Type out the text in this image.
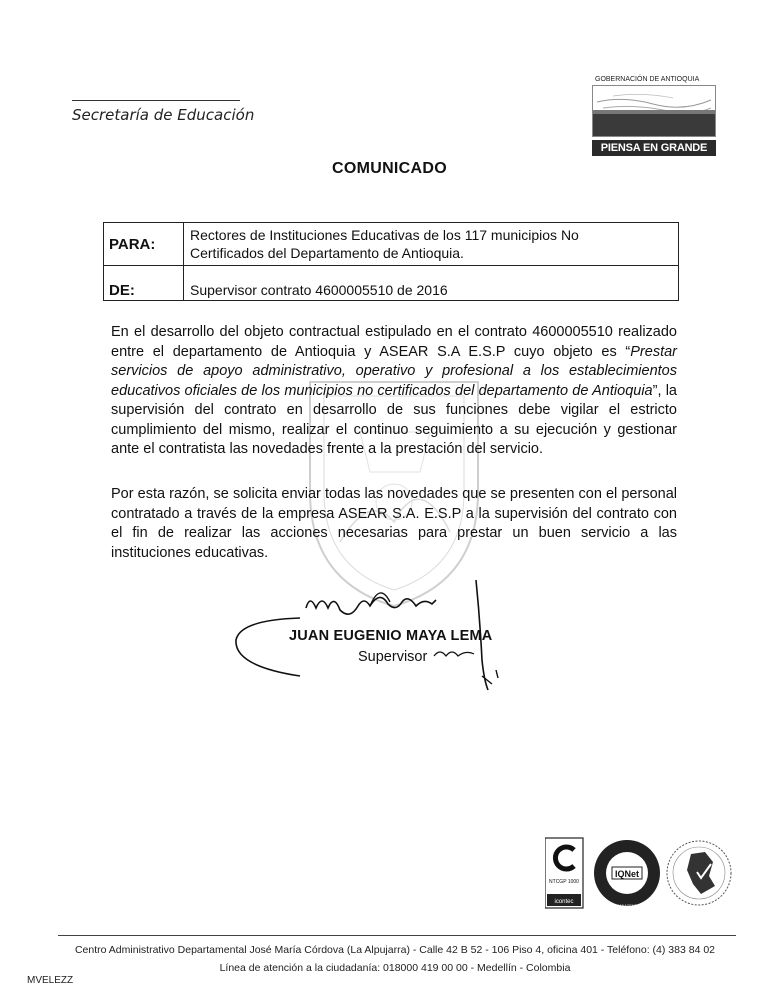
Secretaría de Educación
GOBERNACIÓN DE ANTIOQUIA
PIENSA EN GRANDE
COMUNICADO
PARA:	Rectores de Instituciones Educativas de los 117 municipios No
Certificados del Departamento de Antioquia.

DE:	Supervisor contrato 4600005510 de 2016
En el desarrollo del objeto contractual estipulado en el contrato 4600005510 realizado entre el departamento de Antioquia y ASEAR S.A E.S.P cuyo objeto es “Prestar servicios de apoyo administrativo, operativo y profesional a los establecimientos educativos oficiales de los municipios no certificados del departamento de Antioquia”, la supervisión del contrato en desarrollo de sus funciones debe vigilar el estricto cumplimiento del mismo, realizar el continuo seguimiento a su ejecución y gestionar ante el contratista las novedades frente a la prestación del servicio.
Por esta razón, se solicita enviar todas las novedades que se presenten con el personal contratado a través de la empresa ASEAR S.A. E.S.P a la supervisión del contrato con el fin de realizar las acciones necesarias para prestar un buen servicio a las instituciones educativas.
JUAN EUGENIO MAYA LEMA
Supervisor
NTCGP 1000
icontec
IQNet
CERTIFIED MANAGEMENT SYSTEM
Centro Administrativo Departamental José María Córdova (La Alpujarra) - Calle 42 B 52 - 106 Piso 4, oficina 401 - Teléfono: (4) 383 84 02
Línea de atención a la ciudadanía: 018000 419 00 00 - Medellín - Colombia
MVELEZZ
